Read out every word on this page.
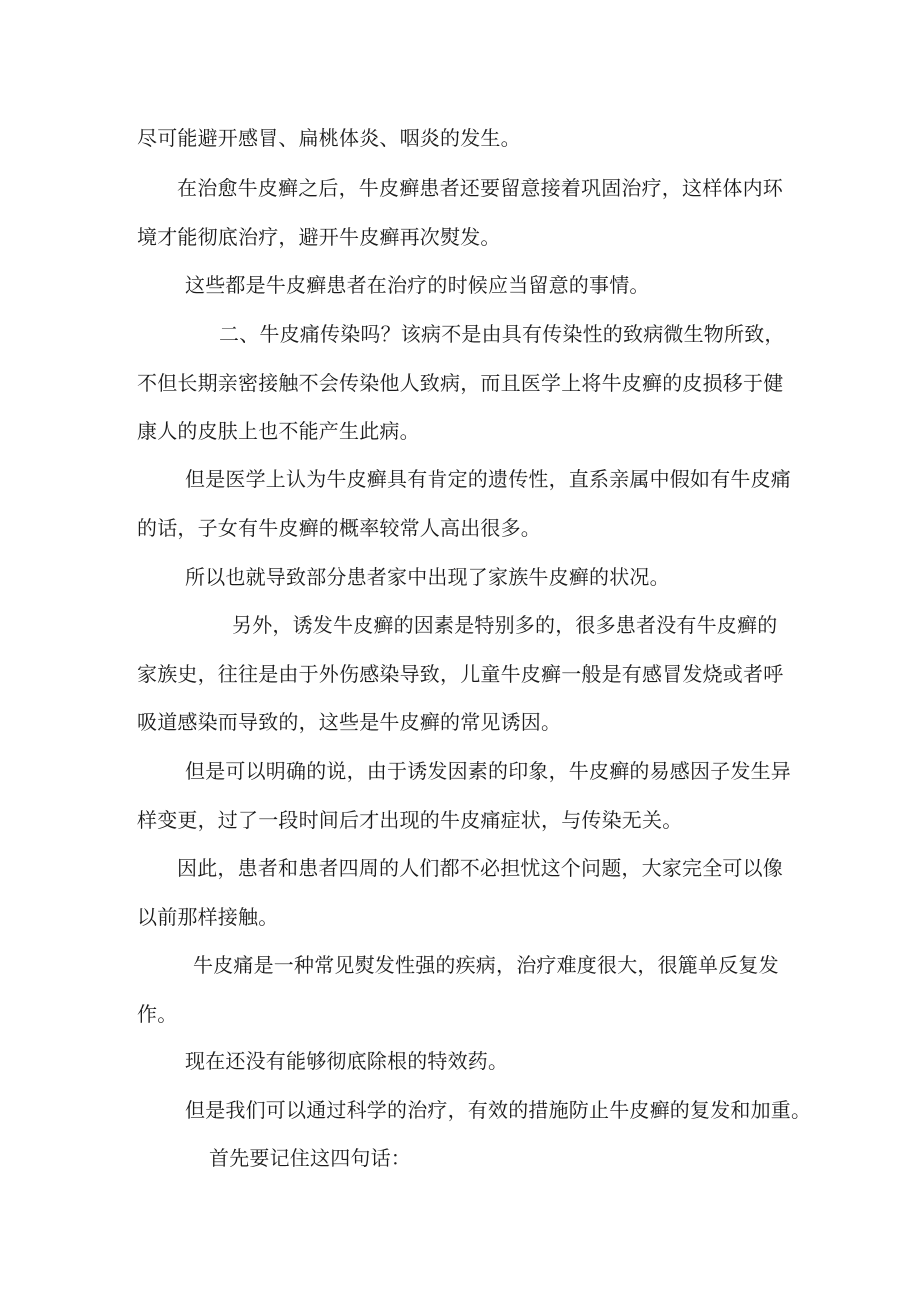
尽可能避开感冒、扁桃体炎、咽炎的发生。
在治愈牛皮癣之后，牛皮癣患者还要留意接着巩固治疗，这样体内环
境才能彻底治疗，避开牛皮癣再次熨发。
这些都是牛皮癣患者在治疗的时候应当留意的事情。
二、牛皮痛传染吗？该病不是由具有传染性的致病微生物所致，
不但长期亲密接触不会传染他人致病，而且医学上将牛皮癣的皮损移于健
康人的皮肤上也不能产生此病。
但是医学上认为牛皮癣具有肯定的遗传性，直系亲属中假如有牛皮痛
的话，子女有牛皮癣的概率较常人高出很多。
所以也就导致部分患者家中出现了家族牛皮癣的状况。
另外，诱发牛皮癣的因素是特别多的，很多患者没有牛皮癣的
家族史，往往是由于外伤感染导致，儿童牛皮癣一般是有感冒发烧或者呼
吸道感染而导致的，这些是牛皮癣的常见诱因。
但是可以明确的说，由于诱发因素的印象，牛皮癣的易感因子发生异
样变更，过了一段时间后才出现的牛皮痛症状，与传染无关。
因此，患者和患者四周的人们都不必担忧这个问题，大家完全可以像
以前那样接触。
牛皮痛是一种常见熨发性强的疾病，治疗难度很大，很簏单反复发
作。
现在还没有能够彻底除根的特效药。
但是我们可以通过科学的治疗，有效的措施防止牛皮癣的复发和加重。
首先要记住这四句话：
